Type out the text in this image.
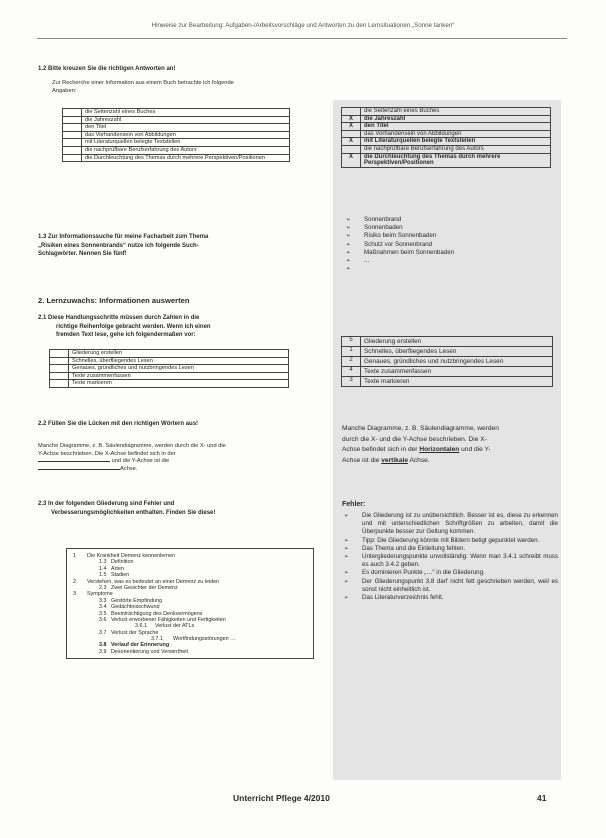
Hinweise zur Bearbeitung: Aufgaben-/Arbeitsvorschläge und Antworten zu den Lernsituationen „Sonne tanken“
1.2 Bitte kreuzen Sie die richtigen Antworten an!
Zur Recherche einer Information aus einem Buch betrachte ich folgende Angaben:
	die Seitenzahl eines Buches
	die Jahreszahl
	den Titel
	das Vorhandensein von Abbildungen
	mit Literaturquellen belegte Textstellen
	die nachprüfbare Berufserfahrung des Autors
	die Durchleuchtung des Themas durch mehrere Perspektiven/Positionen
	die Seitenzahl eines Buches
X	die Jahreszahl
X	den Titel
	das Vorhandensein von Abbildungen
X	mit Literaturquellen belegte Textstellen
	die nachprüfbare Berufserfahrung des Autors
X	die Durchleuchtung des Themas durch mehrere Perspektiven/Positionen
1.3 Zur Informationssuche für meine Facharbeit zum Thema
„Risiken eines Sonnenbrands“ nutze ich folgende Such-
Schlagwörter. Nennen Sie fünf!
➢ Sonnenbrand
➢ Sonnenbaden
➢ Risiko beim Sonnenbaden
➢ Schutz vor Sonnenbrand
➢ Maßnahmen beim Sonnenbaden
➢ ...
2. Lernzuwachs: Informationen auswerten
2.1 Diese Handlungsschritte müssen durch Zahlen in die
richtige Reihenfolge gebracht werden. Wenn ich einen
fremden Text lese, gehe ich folgendermaßen vor:
	Gliederung erstellen
	Schnelles, überfliegendes Lesen
	Genaues, gründliches und nutzbringendes Lesen
	Texte zusammenfassen
	Texte markieren
5	Gliederung erstellen
1	Schnelles, überfliegendes Lesen
2	Genaues, gründliches und nutzbringendes Lesen
4	Texte zusammenfassen
3	Texte markieren
2.2 Füllen Sie die Lücken mit den richtigen Wörtern aus!
Manche Diagramme, z. B. Säulendiagramme, werden durch die X- und die
Y-Achse beschrieben. Die X-Achse befindet sich in der
und die Y-Achse ist die
Achse.
Manche Diagramme, z. B. Säulendiagramme, werden
durch die X- und die Y-Achse beschrieben. Die X-
Achse befindet sich in der Horizontalen und die Y-
Achse ist die vertikale Achse.
2.3 In der folgenden Gliederung sind Fehler und
Verbesserungsmöglichkeiten enthalten. Finden Sie diese!
1 Die Krankheit Demenz kennenlernen
1.3 Definition
1.4 Arten
1.5 Stadien
2 Verstehen, was es bedeutet an einer Demenz zu leiden
2.3 Zwei Gesichter der Demenz
3 Symptome
3.3 Gestörte Empfindung
3.4 Gedächtnisschwund
3.5 Beeinträchtigung des Denkvermögens
3.6 Verlust erworbener Fähigkeiten und Fertigkeiten
3.6.1 Verlust der ATLs
3.7 Verlust der Sprache
3.7.1 Wortfindungsstörungen …
3.8 Verlauf der Erinnerung
3.9 Desorientierung und Verwirrtheit
Fehler:
➢ Die Gliederung ist zu unübersichtlich. Besser ist es, diese zu erkennen und mit unterschiedlichen Schriftgrößen zu arbeiten, damit die Überpunkte besser zur Geltung kommen.
➢ Tipp: Die Gliederung könnte mit Bildern betigt gepunktet werden.
➢ Das Thema und die Einleitung fehlen.
➢ Untergliederungspunkte unvollständig: Wenn man 3.4.1 schreibt muss es auch 3.4.2 geben.
➢ Es dominieren Punkte „…“ in die Gliederung.
➢ Der Gliederungspunkt 3.8 darf nicht fett geschrieben werden, weil es sonst nicht einheitlich ist.
➢ Das Literaturverzeichnis fehlt.
Unterricht Pflege 4/2010	41
